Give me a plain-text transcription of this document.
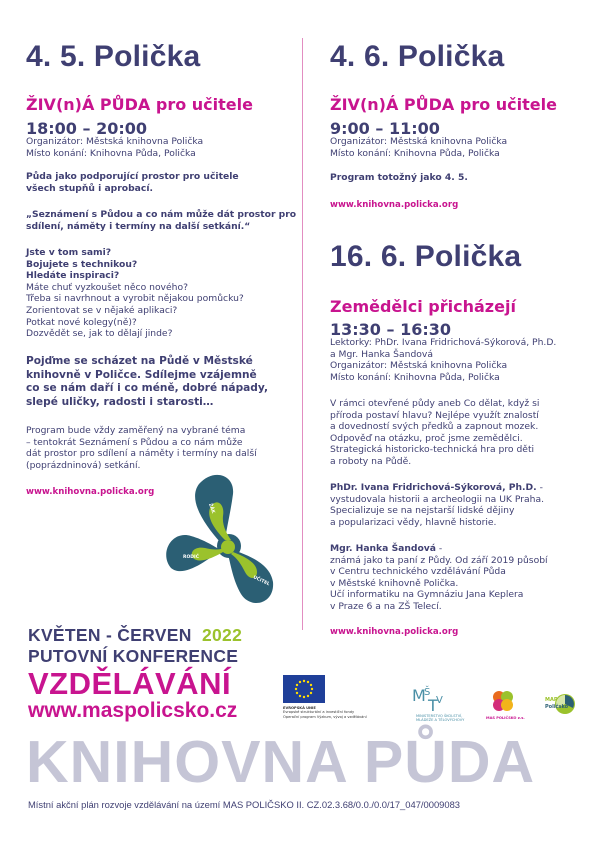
4. 5. Polička
ŽIV(n)Á PŮDA pro učitele
18:00 – 20:00
Organizátor: Městská knihovna Polička
Místo konání: Knihovna Půda, Polička
Půda jako podporující prostor pro učitele
všech stupňů i aprobací.
„Seznámení s Půdou a co nám může dát prostor pro
sdílení, náměty i termíny na další setkání.“
Jste v tom sami?
Bojujete s technikou?
Hledáte inspiraci?
Máte chuť vyzkoušet něco nového?
Třeba si navrhnout a vyrobit nějakou pomůcku?
Zorientovat se v nějaké aplikaci?
Potkat nové kolegy(ně)?
Dozvědět se, jak to dělají jinde?
Pojďme se scházet na Půdě v Městské
knihovně v Poličce. Sdílejme vzájemně
co se nám daří i co méně, dobré nápady,
slepé uličky, radosti i starosti…
Program bude vždy zaměřený na vybrané téma
– tentokrát Seznámení s Půdou a co nám může
dát prostor pro sdílení a náměty i termíny na další
(poprázdninová) setkání.
www.knihovna.policka.org
4. 6. Polička
ŽIV(n)Á PŮDA pro učitele
9:00 – 11:00
Organizátor: Městská knihovna Polička
Místo konání: Knihovna Půda, Polička
Program totožný jako 4. 5.
www.knihovna.policka.org
16. 6. Polička
Zemědělci přicházejí
13:30 – 16:30
Lektorky: PhDr. Ivana Fridrichová-Sýkorová, Ph.D.
a Mgr. Hanka Šandová
Organizátor: Městská knihovna Polička
Místo konání: Knihovna Půda, Polička
V rámci otevřené půdy aneb Co dělat, když si
příroda postaví hlavu? Nejlépe využít znalostí
a dovedností svých předků a zapnout mozek.
Odpověď na otázku, proč jsme zemědělci.
Strategická historicko-technická hra pro děti
a roboty na Půdě.
PhDr. Ivana Fridrichová-Sýkorová, Ph.D. -
vystudovala historii a archeologii na UK Praha.
Specializuje se na nejstarší lidské dějiny
a popularizaci vědy, hlavně historie.
Mgr. Hanka Šandová -
známá jako ta paní z Půdy. Od září 2019 působí
v Centru technického vzdělávání Půda
v Městské knihovně Polička.
Učí informatiku na Gymnáziu Jana Keplera
v Praze 6 a na ZŠ Telecí.
www.knihovna.policka.org
ŽÁK
RODIČ
UČITEL
KVĚTEN - ČERVEN 2022
PUTOVNÍ KONFERENCE
VZDĚLÁVÁNÍ
www.maspolicsko.cz	EVROPSKÁ UNIE
Evropské strukturální a investiční fondy
Operační program Výzkum, vývoj a vzdělávání
M
T
Š
V
MINISTERSTVO ŠKOLSTVÍ,
MLÁDEŽE A TĚLOVÝCHOVY
MAS POLIČSKO z.s.
MAP
Poličsko
KNIHOVNA PŮDA
Místní akční plán rozvoje vzdělávání na území MAS POLIČSKO II. CZ.02.3.68/0.0./0.0/17_047/0009083
